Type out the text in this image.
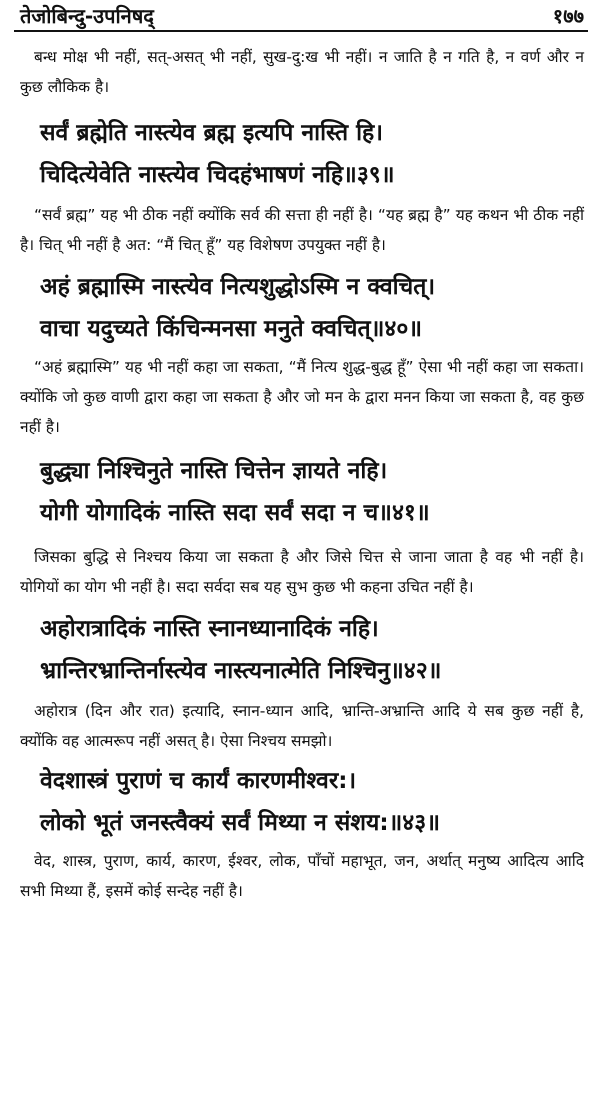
तेजोबिन्दु-उपनिषद्	१७७

बन्ध मोक्ष भी नहीं, सत्-असत् भी नहीं, सुख-दु:ख भी नहीं। न जाति है न गति है, न वर्ण और न कुछ लौकिक है।

सर्वं ब्रह्मेति नास्त्येव ब्रह्म इत्यपि नास्ति हि।

चिदित्येवेति नास्त्येव चिदहंभाषणं नहि॥३९॥

“सर्वं ब्रह्म” यह भी ठीक नहीं क्योंकि सर्व की सत्ता ही नहीं है। “यह ब्रह्म है” यह कथन भी ठीक नहीं है। चित् भी नहीं है अत: “मैं चित् हूँ” यह विशेषण उपयुक्त नहीं है।

अहं ब्रह्मास्मि नास्त्येव नित्यशुद्धोऽस्मि न क्वचित्।

वाचा यदुच्यते किंचिन्मनसा मनुते क्वचित्॥४०॥

“अहं ब्रह्मास्मि” यह भी नहीं कहा जा सकता, “मैं नित्य शुद्ध-बुद्ध हूँ” ऐसा भी नहीं कहा जा सकता। क्योंकि जो कुछ वाणी द्वारा कहा जा सकता है और जो मन के द्वारा मनन किया जा सकता है, वह कुछ नहीं है।

बुद्ध्या निश्चिनुते नास्ति चित्तेन ज्ञायते नहि।

योगी योगादिकं नास्ति सदा सर्वं सदा न च॥४१॥

जिसका बुद्धि से निश्चय किया जा सकता है और जिसे चित्त से जाना जाता है वह भी नहीं है। योगियों का योग भी नहीं है। सदा सर्वदा सब यह सुभ कुछ भी कहना उचित नहीं है।

अहोरात्रादिकं नास्ति स्नानध्यानादिकं नहि।

भ्रान्तिरभ्रान्तिर्नास्त्येव नास्त्यनात्मेति निश्चिनु॥४२॥

अहोरात्र (दिन और रात) इत्यादि, स्नान-ध्यान आदि, भ्रान्ति-अभ्रान्ति आदि ये सब कुछ नहीं है, क्योंकि वह आत्मरूप नहीं असत् है। ऐसा निश्चय समझो।

वेदशास्त्रं पुराणं च कार्यं कारणमीश्वर:।

लोको भूतं जनस्त्वैक्यं सर्वं मिथ्या न संशय:॥४३॥

वेद, शास्त्र, पुराण, कार्य, कारण, ईश्वर, लोक, पाँचों महाभूत, जन, अर्थात् मनुष्य आदित्य आदि सभी मिथ्या हैं, इसमें कोई सन्देह नहीं है।
